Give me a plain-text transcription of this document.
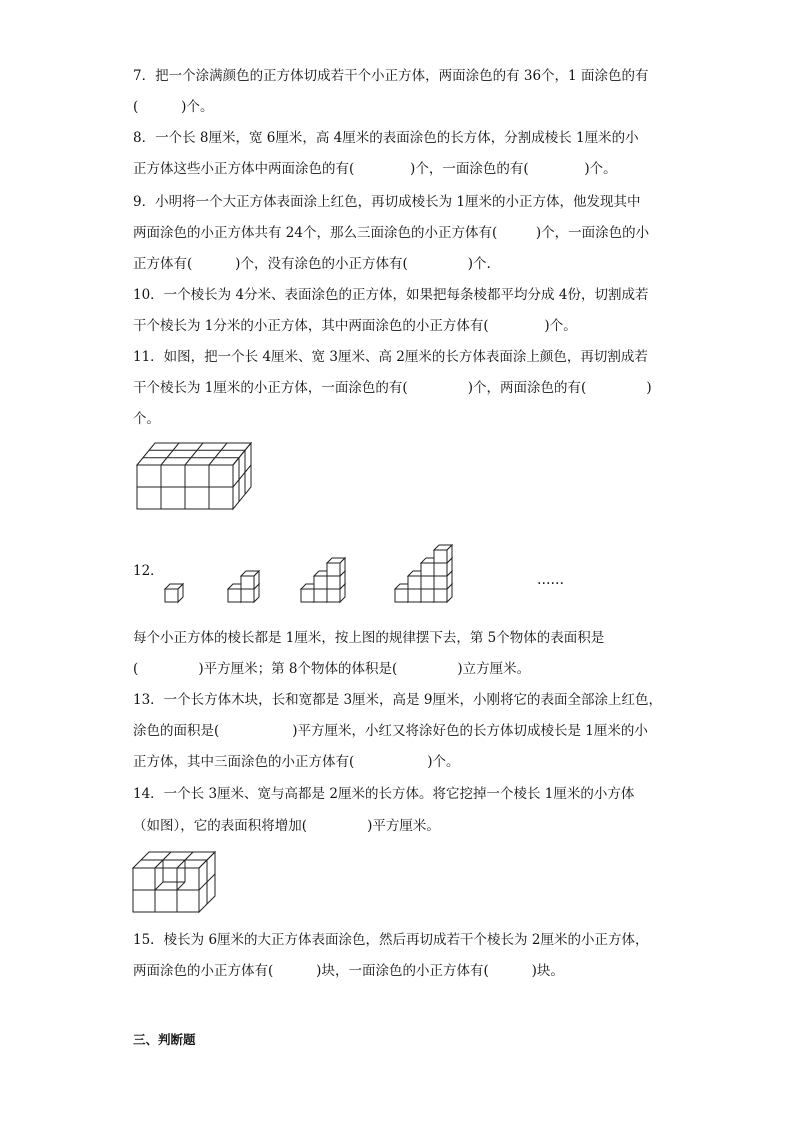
7．把一个涂满颜色的正方体切成若干个小正方体，两面涂色的有 36个，1 面涂色的有
(          )个。
8．一个长 8厘米，宽 6厘米，高 4厘米的表面涂色的长方体，分割成棱长 1厘米的小
正方体这些小正方体中两面涂色的有(             )个，一面涂色的有(             )个。
9．小明将一个大正方体表面涂上红色，再切成棱长为 1厘米的小正方体，他发现其中
两面涂色的小正方体共有 24个，那么三面涂色的小正方体有(         )个，一面涂色的小
正方体有(          )个，没有涂色的小正方体有(              )个.
10．一个棱长为 4分米、表面涂色的正方体，如果把每条棱都平均分成 4份，切割成若
干个棱长为 1分米的小正方体，其中两面涂色的小正方体有(             )个。
11．如图，把一个长 4厘米、宽 3厘米、高 2厘米的长方体表面涂上颜色，再切割成若
干个棱长为 1厘米的小正方体，一面涂色的有(              )个，两面涂色的有(              )
个。
12．
……
每个小正方体的棱长都是 1厘米，按上图的规律摆下去，第 5个物体的表面积是
(              )平方厘米；第 8个物体的体积是(              )立方厘米。
13．一个长方体木块，长和宽都是 3厘米，高是 9厘米，小刚将它的表面全部涂上红色，
涂色的面积是(                 )平方厘米，小红又将涂好色的长方体切成棱长是 1厘米的小
正方体，其中三面涂色的小正方体有(                 )个。
14．一个长 3厘米、宽与高都是 2厘米的长方体。将它挖掉一个棱长 1厘米的小方体
（如图），它的表面积将增加(              )平方厘米。
15．棱长为 6厘米的大正方体表面涂色，然后再切成若干个棱长为 2厘米的小正方体，
两面涂色的小正方体有(          )块，一面涂色的小正方体有(          )块。
三、判断题
